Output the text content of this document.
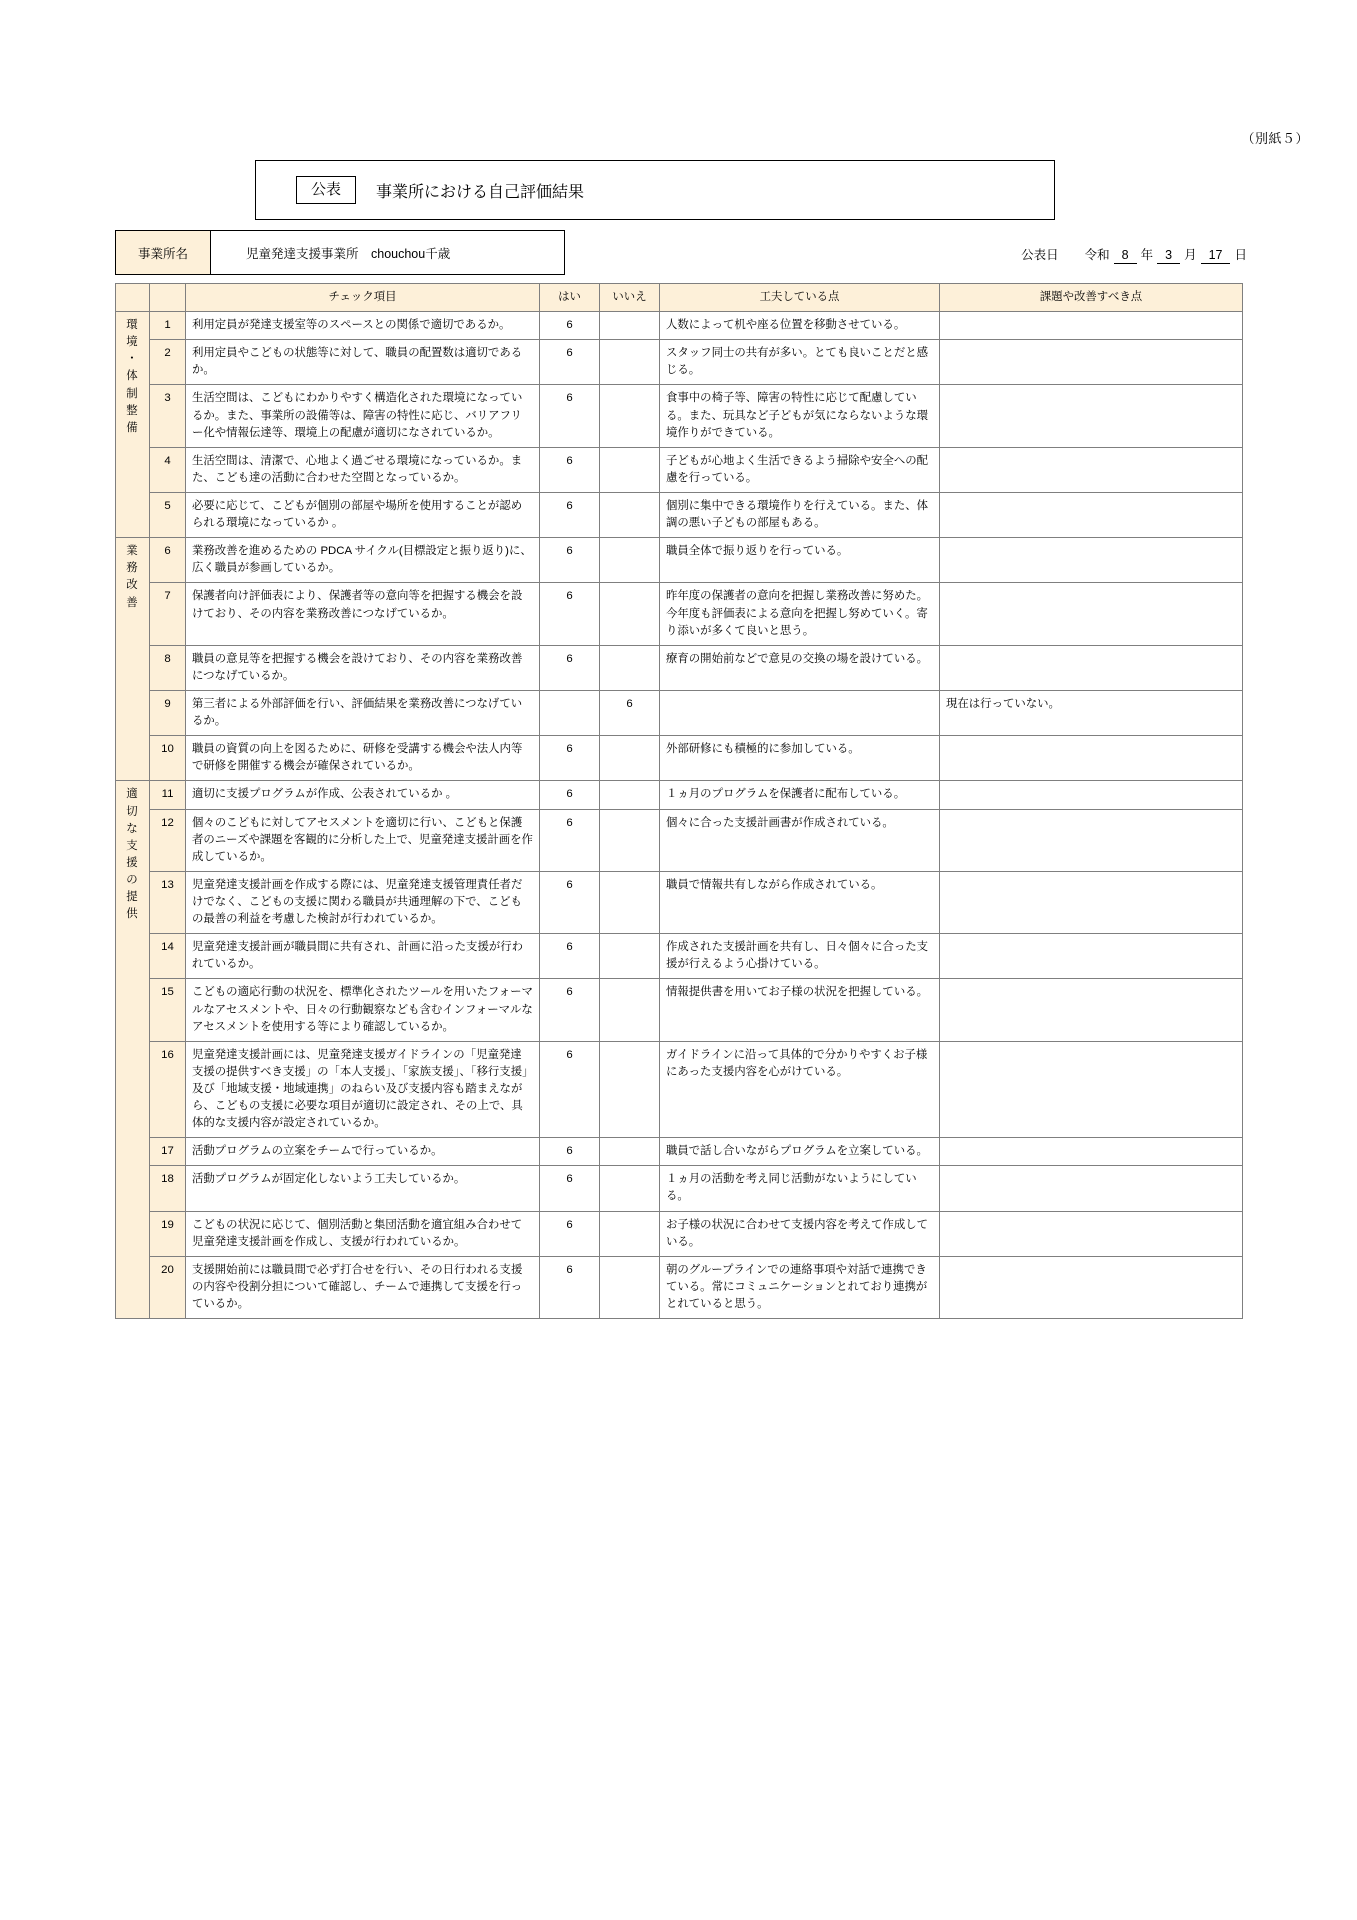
（別紙５）
公表	事業所における自己評価結果
事業所名	児童発達支援事業所　chouchou千歳	公表日 令和 8 年 3 月 17 日
		チェック項目	はい	いいえ	工夫している点	課題や改善すべき点

環
境
・
体
制
整
備
	1	利用定員が発達支援室等のスペースとの関係で適切であるか。	6		人数によって机や座る位置を移動させている。	
	2	利用定員やこどもの状態等に対して、職員の配置数は適切であるか。	6		スタッフ同士の共有が多い。とても良いことだと感じる。	
	3	生活空間は、こどもにわかりやすく構造化された環境になっているか。また、事業所の設備等は、障害の特性に応じ、バリアフリー化や情報伝達等、環境上の配慮が適切になされているか。	6		食事中の椅子等、障害の特性に応じて配慮している。また、玩具など子どもが気にならないような環境作りができている。	
	4	生活空間は、清潔で、心地よく過ごせる環境になっているか。また、こども達の活動に合わせた空間となっているか。	6		子どもが心地よく生活できるよう掃除や安全への配慮を行っている。	
	5	必要に応じて、こどもが個別の部屋や場所を使用することが認められる環境になっているか 。	6		個別に集中できる環境作りを行えている。また、体調の悪い子どもの部屋もある。	

業
務
改
善	6	業務改善を進めるための PDCA サイクル(目標設定と振り返り)に、広く職員が参画しているか。	6		職員全体で振り返りを行っている。	
	7	保護者向け評価表により、保護者等の意向等を把握する機会を設けており、その内容を業務改善につなげているか。	6		昨年度の保護者の意向を把握し業務改善に努めた。今年度も評価表による意向を把握し努めていく。寄り添いが多くて良いと思う。	
	8	職員の意見等を把握する機会を設けており、その内容を業務改善につなげているか。	6		療育の開始前などで意見の交換の場を設けている。	
	9	第三者による外部評価を行い、評価結果を業務改善につなげているか。		6		現在は行っていない。
	10	職員の資質の向上を図るために、研修を受講する機会や法人内等で研修を開催する機会が確保されているか。	6		外部研修にも積極的に参加している。	

適
切
な
支
援
の
提
供
	11	適切に支援プログラムが作成、公表されているか 。	6		１ヵ月のプログラムを保護者に配布している。	
	12	個々のこどもに対してアセスメントを適切に行い、こどもと保護者のニーズや課題を客観的に分析した上で、児童発達支援計画を作成しているか。	6		個々に合った支援計画書が作成されている。	
	13	児童発達支援計画を作成する際には、児童発達支援管理責任者だけでなく、こどもの支援に関わる職員が共通理解の下で、こどもの最善の利益を考慮した検討が行われているか。	6		職員で情報共有しながら作成されている。	
	14	児童発達支援計画が職員間に共有され、計画に沿った支援が行われているか。	6		作成された支援計画を共有し、日々個々に合った支援が行えるよう心掛けている。	
	15	こどもの適応行動の状況を、標準化されたツールを用いたフォーマルなアセスメントや、日々の行動観察なども含むインフォーマルなアセスメントを使用する等により確認しているか。	6		情報提供書を用いてお子様の状況を把握している。	
	16	児童発達支援計画には、児童発達支援ガイドラインの「児童発達支援の提供すべき支援」の「本人支援」、「家族支援」、「移行支援」及び「地域支援・地域連携」のねらい及び支援内容も踏まえながら、こどもの支援に必要な項目が適切に設定され、その上で、具体的な支援内容が設定されているか。	6		ガイドラインに沿って具体的で分かりやすくお子様にあった支援内容を心がけている。	
	17	活動プログラムの立案をチームで行っているか。	6		職員で話し合いながらプログラムを立案している。	
	18	活動プログラムが固定化しないよう工夫しているか。	6		１ヵ月の活動を考え同じ活動がないようにしている。	
	19	こどもの状況に応じて、個別活動と集団活動を適宜組み合わせて児童発達支援計画を作成し、支援が行われているか。	6		お子様の状況に合わせて支援内容を考えて作成している。	
	20	支援開始前には職員間で必ず打合せを行い、その日行われる支援の内容や役割分担について確認し、チームで連携して支援を行っているか。	6		朝のグループラインでの連絡事項や対話で連携できている。常にコミュニケーションとれており連携がとれていると思う。	
